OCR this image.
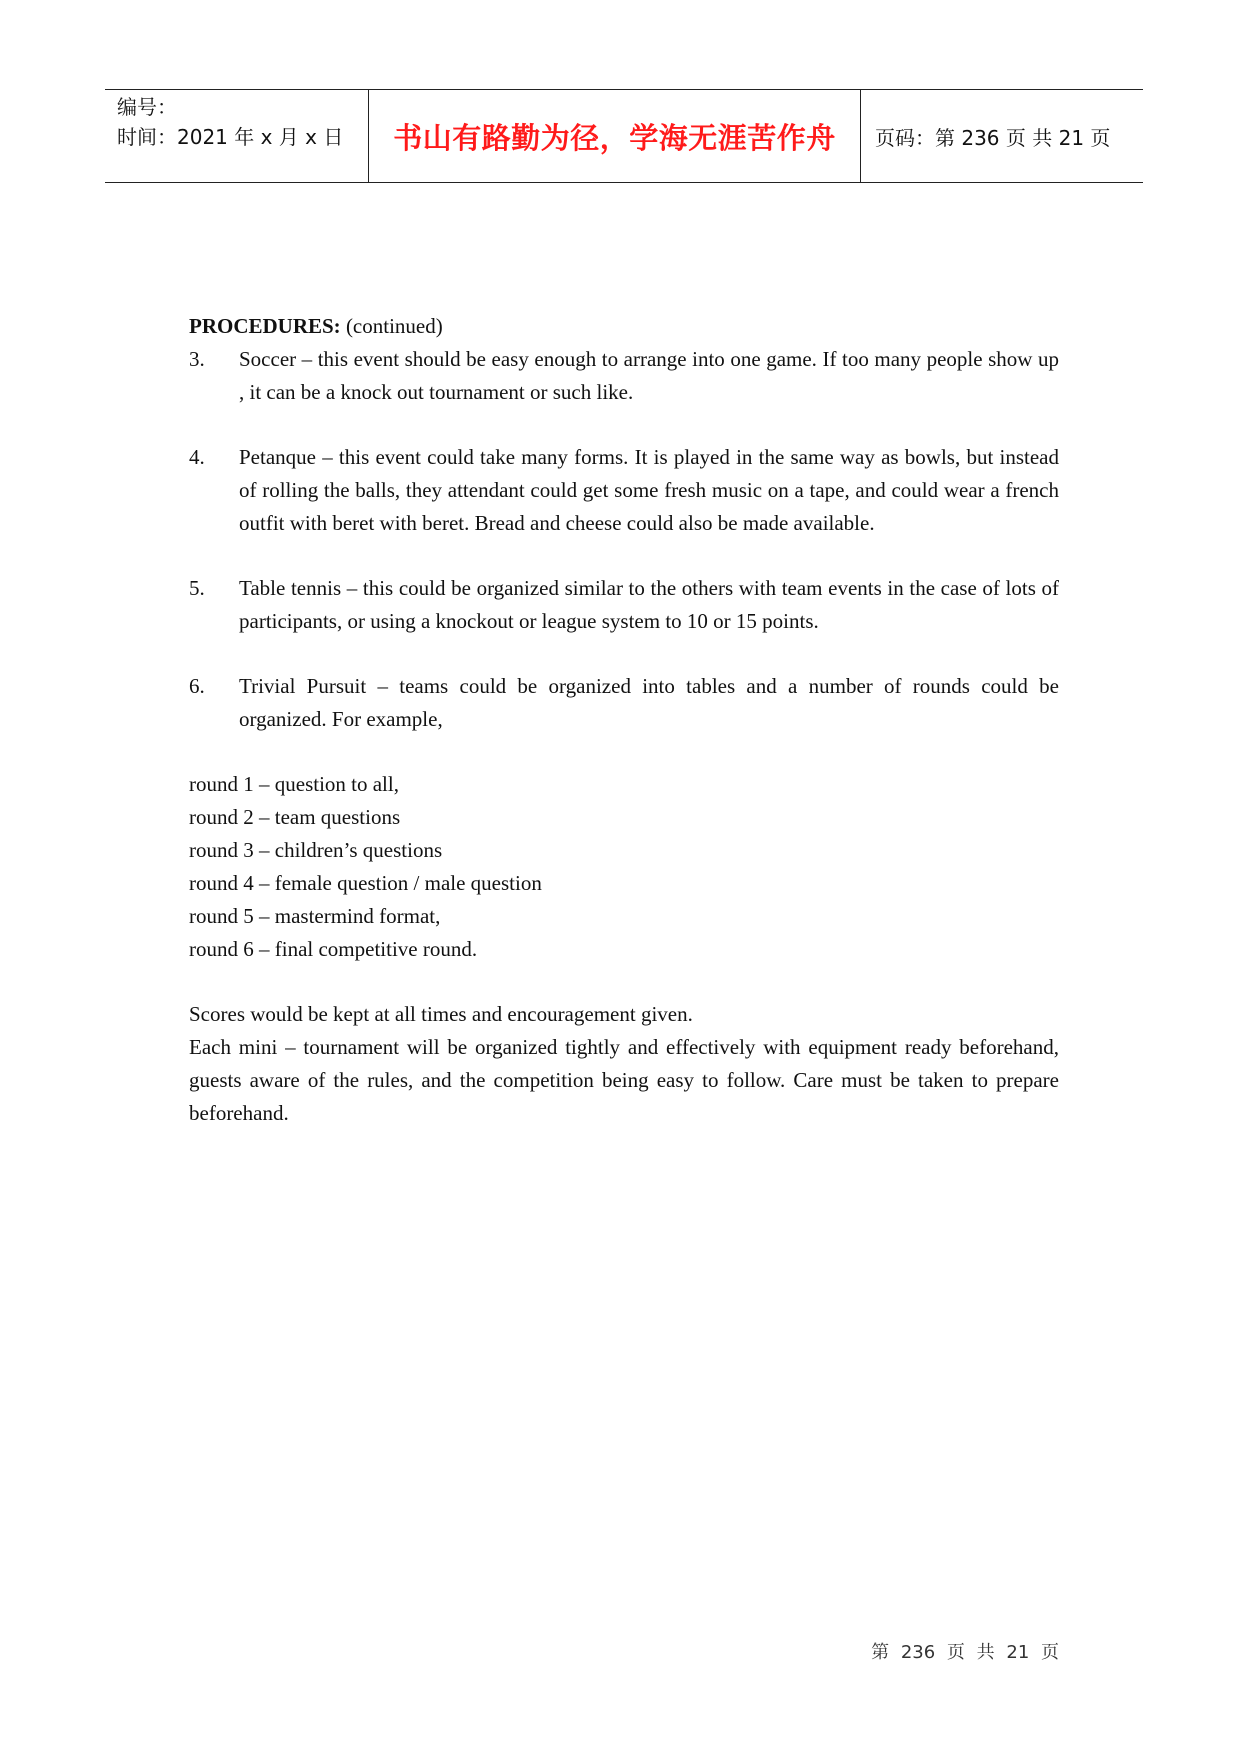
编号：
时间：2021 年 x 月 x 日	书山有路勤为径，学海无涯苦作舟	页码：第 236 页 共 21 页

PROCEDURES: (continued)

3. Soccer – this event should be easy enough to arrange into one game. If too many people show up , it can be a knock out tournament or such like.
4. Petanque – this event could take many forms. It is played in the same way as bowls, but instead of rolling the balls, they attendant could get some fresh music on a tape, and could wear a french outfit with beret with beret. Bread and cheese could also be made available.
5. Table tennis – this could be organized similar to the others with team events in the case of lots of participants, or using a knockout or league system to 10 or 15 points.
6. Trivial Pursuit – teams could be organized into tables and a number of rounds could be organized. For example,
round 1 – question to all,
round 2 – team questions
round 3 – children’s questions
round 4 – female question / male question
round 5 – mastermind format,
round 6 – final competitive round.

Scores would be kept at all times and encouragement given.

Each mini – tournament will be organized tightly and effectively with equipment ready beforehand, guests aware of the rules, and the competition being easy to follow. Care must be taken to prepare beforehand.

第 236 页 共 21 页
